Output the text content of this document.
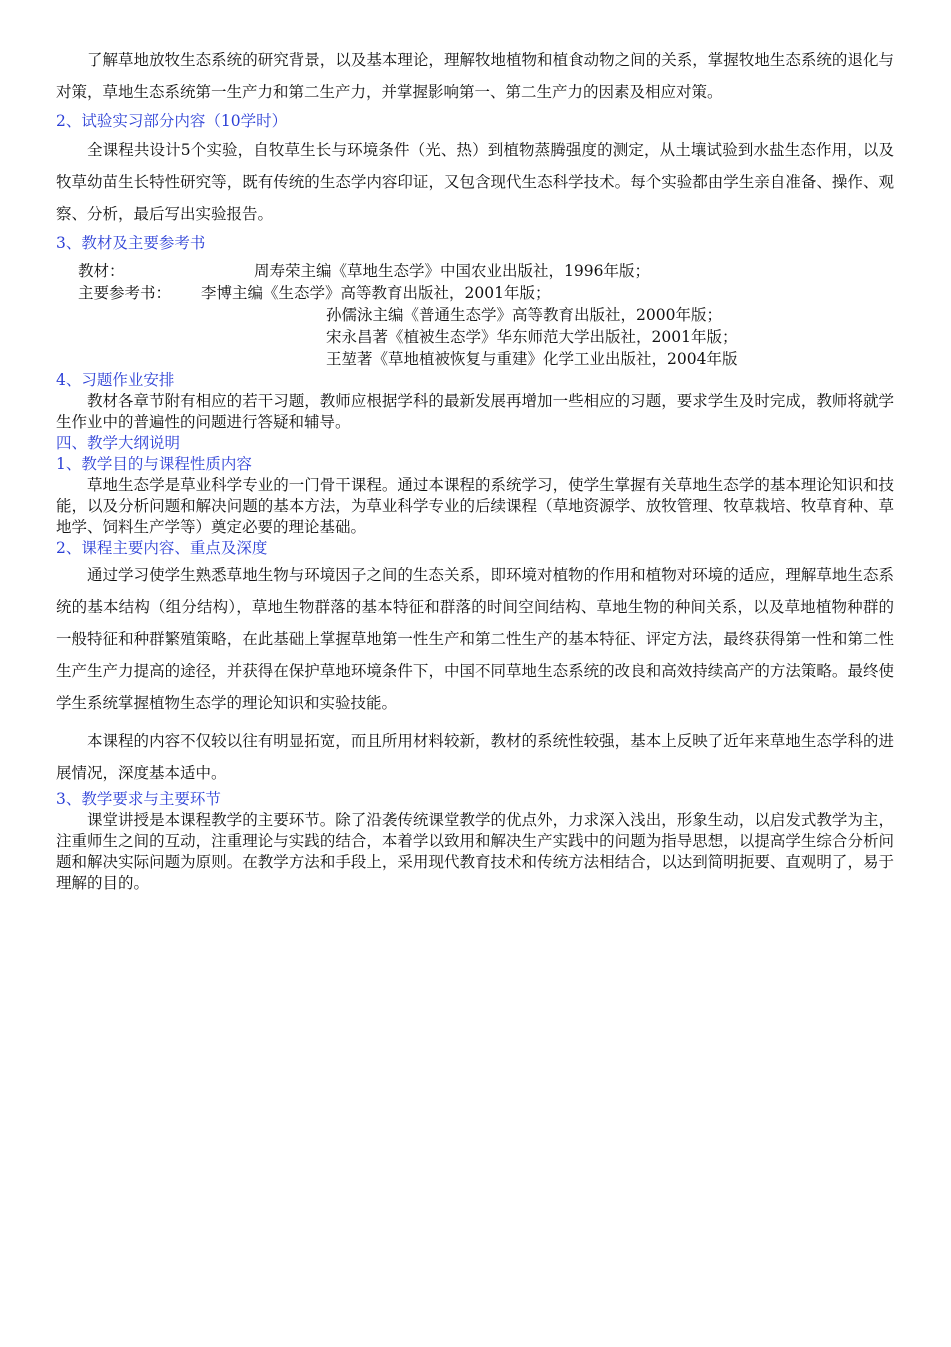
了解草地放牧生态系统的研究背景，以及基本理论，理解牧地植物和植食动物之间的关系，掌握牧地生态系统的退化与对策，草地生态系统第一生产力和第二生产力，并掌握影响第一、第二生产力的因素及相应对策。

2、试验实习部分内容（10学时）

全课程共设计5个实验，自牧草生长与环境条件（光、热）到植物蒸腾强度的测定，从土壤试验到水盐生态作用，以及牧草幼苗生长特性研究等，既有传统的生态学内容印证，又包含现代生态科学技术。每个实验都由学生亲自准备、操作、观察、分析，最后写出实验报告。

3、教材及主要参考书

教材：	周寿荣主编《草地生态学》中国农业出版社，1996年版；
主要参考书：	李博主编《生态学》高等教育出版社，2001年版；
孙儒泳主编《普通生态学》高等教育出版社，2000年版；
宋永昌著《植被生态学》华东师范大学出版社，2001年版；
王堃著《草地植被恢复与重建》化学工业出版社，2004年版

4、习题作业安排

教材各章节附有相应的若干习题，教师应根据学科的最新发展再增加一些相应的习题，要求学生及时完成，教师将就学生作业中的普遍性的问题进行答疑和辅导。

四、教学大纲说明

1、教学目的与课程性质内容

草地生态学是草业科学专业的一门骨干课程。通过本课程的系统学习，使学生掌握有关草地生态学的基本理论知识和技能，以及分析问题和解决问题的基本方法，为草业科学专业的后续课程（草地资源学、放牧管理、牧草栽培、牧草育种、草地学、饲料生产学等）奠定必要的理论基础。

2、课程主要内容、重点及深度

通过学习使学生熟悉草地生物与环境因子之间的生态关系，即环境对植物的作用和植物对环境的适应，理解草地生态系统的基本结构（组分结构），草地生物群落的基本特征和群落的时间空间结构、草地生物的种间关系，以及草地植物种群的一般特征和种群繁殖策略，在此基础上掌握草地第一性生产和第二性生产的基本特征、评定方法，最终获得第一性和第二性生产生产力提高的途径，并获得在保护草地环境条件下，中国不同草地生态系统的改良和高效持续高产的方法策略。最终使学生系统掌握植物生态学的理论知识和实验技能。

本课程的内容不仅较以往有明显拓宽，而且所用材料较新，教材的系统性较强，基本上反映了近年来草地生态学科的进展情况，深度基本适中。

3、教学要求与主要环节

课堂讲授是本课程教学的主要环节。除了沿袭传统课堂教学的优点外，力求深入浅出，形象生动，以启发式教学为主，注重师生之间的互动，注重理论与实践的结合，本着学以致用和解决生产实践中的问题为指导思想，以提高学生综合分析问题和解决实际问题为原则。在教学方法和手段上，采用现代教育技术和传统方法相结合，以达到简明扼要、直观明了，易于理解的目的。
